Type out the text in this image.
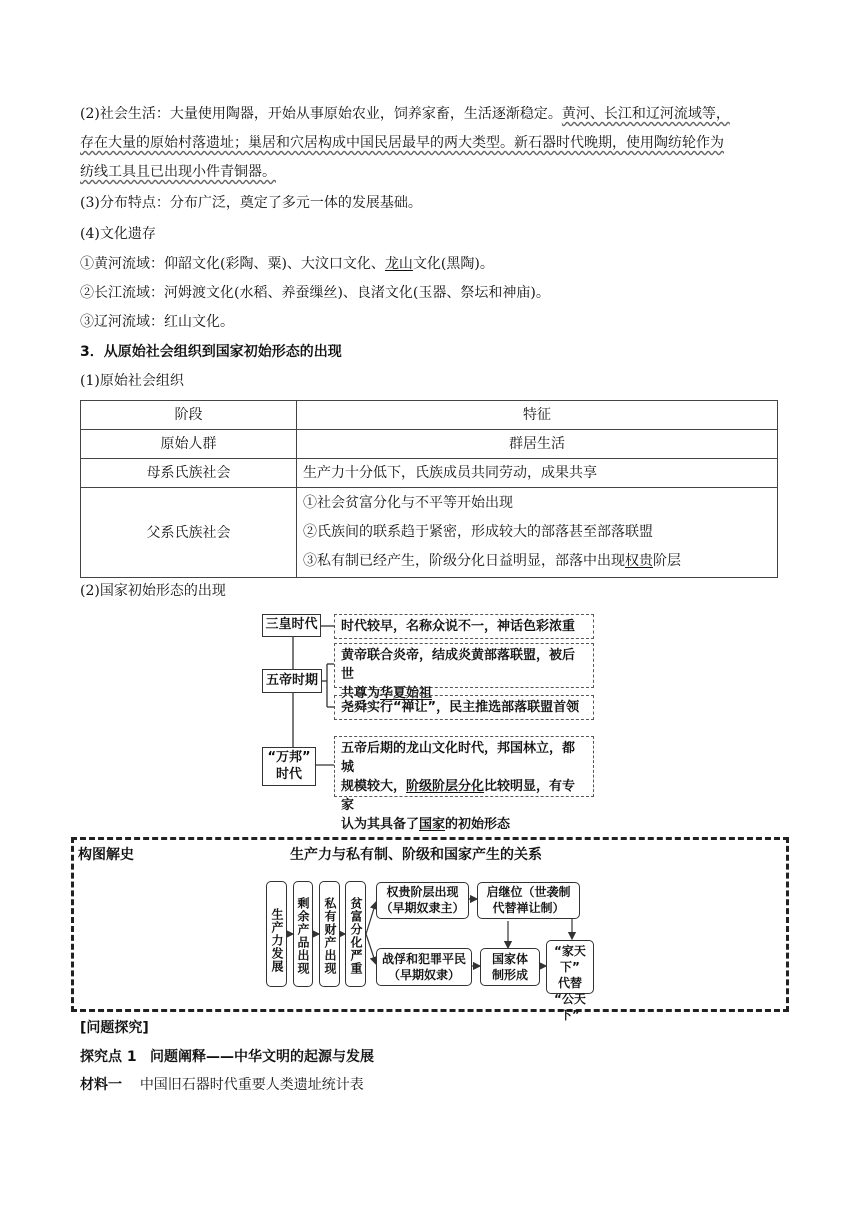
(2)社会生活：大量使用陶器，开始从事原始农业，饲养家畜，生活逐渐稳定。黄河、长江和辽河流域等，
存在大量的原始村落遗址；巢居和穴居构成中国民居最早的两大类型。新石器时代晚期，使用陶纺轮作为
纺线工具且已出现小件青铜器。
(3)分布特点：分布广泛，奠定了多元一体的发展基础。
(4)文化遗存
①黄河流域：仰韶文化(彩陶、粟)、大汶口文化、龙山文化(黑陶)。
②长江流域：河姆渡文化(水稻、养蚕缫丝)、良渚文化(玉器、祭坛和神庙)。
③辽河流域：红山文化。
3．从原始社会组织到国家初始形态的出现
(1)原始社会组织
阶段	特征
原始人群	群居生活
母系氏族社会	生产力十分低下，氏族成员共同劳动，成果共享
父系氏族社会	①社会贫富分化与不平等开始出现
②氏族间的联系趋于紧密，形成较大的部落甚至部落联盟
③私有制已经产生，阶级分化日益明显，部落中出现权贵阶层
(2)国家初始形态的出现
三皇时代	时代较早，名称众说不一，神话色彩浓重
五帝时期
黄帝联合炎帝，结成炎黄部落联盟，被后世
共尊为华夏始祖
尧舜实行“禅让”，民主推选部落联盟首领
“万邦”
时代
五帝后期的龙山文化时代，邦国林立，都城
规模较大，阶级阶层分化比较明显，有专家
认为其具备了国家的初始形态
构图解史	生产力与私有制、阶级和国家产生的关系
生产力发展 剩余产品出现	私有财产出现	贫富分化严重
权贵阶层出现
（早期奴隶主）
启继位（世袭制
代替禅让制）
战俘和犯罪平民
（早期奴隶）
国家体
制形成
“家天下”
代替
“公天下”
[问题探究]
探究点 1 问题阐释——中华文明的起源与发展
材料一 中国旧石器时代重要人类遗址统计表
